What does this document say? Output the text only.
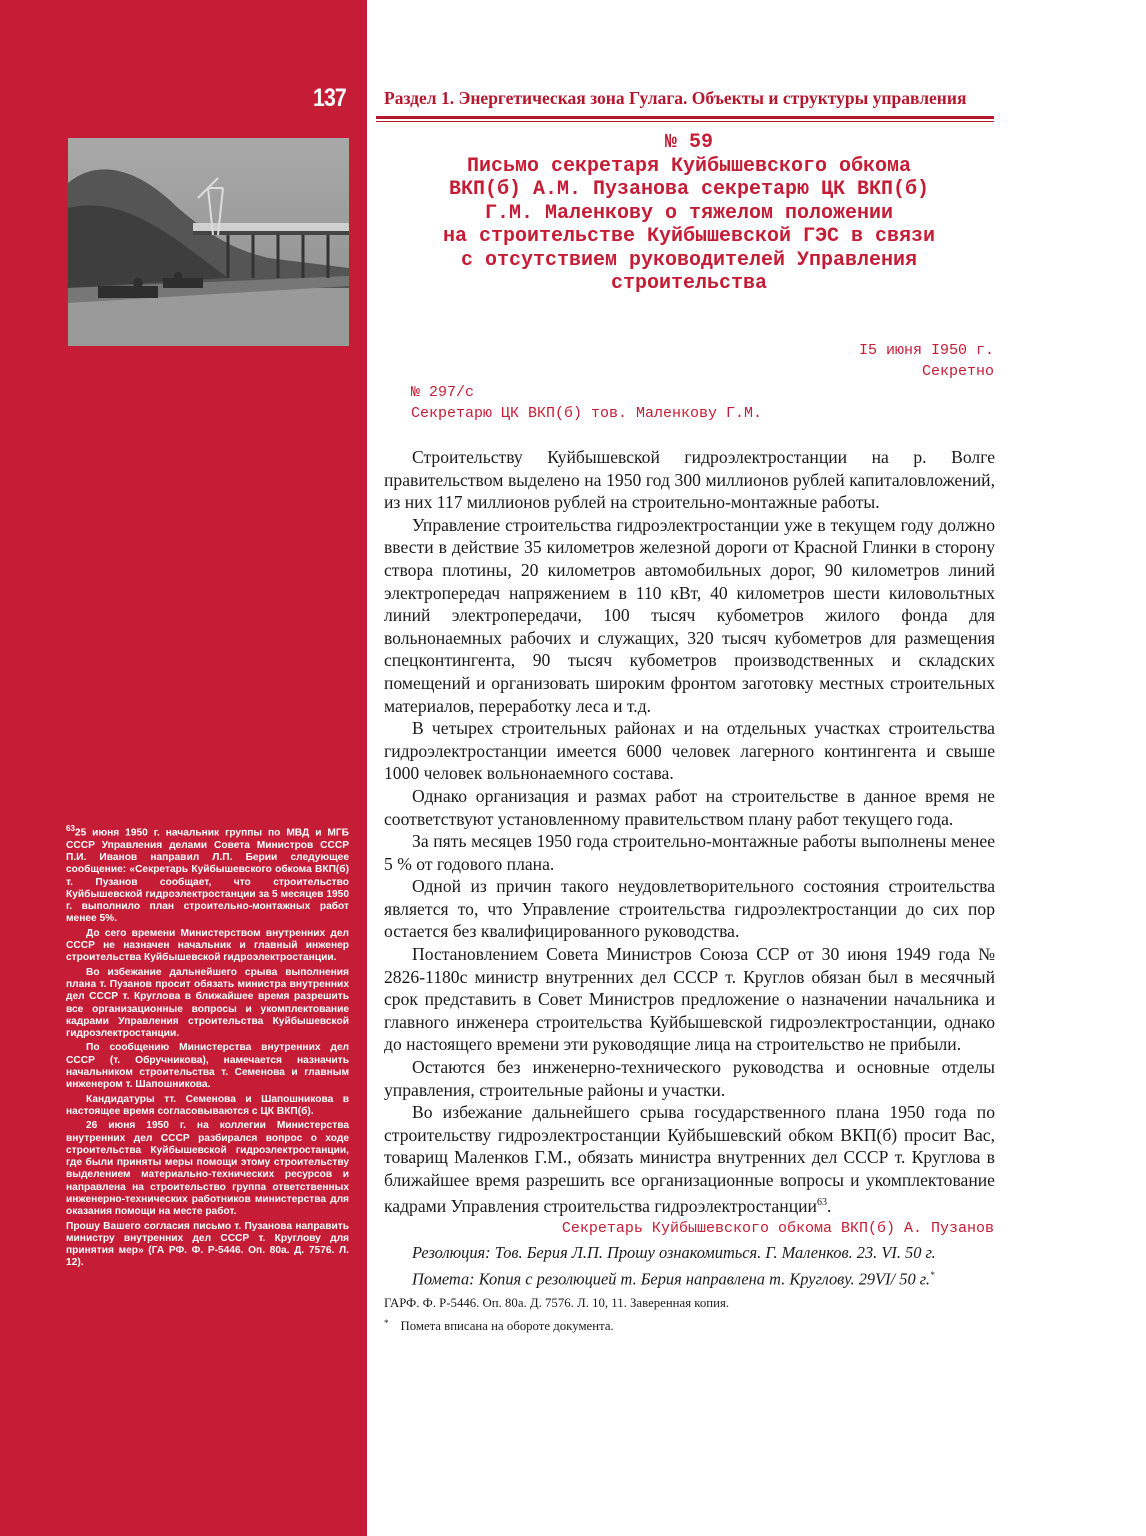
137

$^{63}$25 июня 1950 г. начальник группы по МВД и МГБ СССР Управления делами Совета Министров СССР П.И. Иванов направил Л.П. Берии следующее сообщение: «Секретарь Куйбышевского обкома ВКП(б) т. Пузанов сообщает, что строительство Куйбышевской гидроэлектростанции за 5 месяцев 1950 г. выполнило план строительно-монтажных работ менее 5%.

До сего времени Министерством внутренних дел СССР не назначен начальник и главный инженер строительства Куйбышевской гидроэлектростанции.

Во избежание дальнейшего срыва выполнения плана т. Пузанов просит обязать министра внутренних дел СССР т. Круглова в ближайшее время разрешить все организационные вопросы и укомплектование кадрами Управления строительства Куйбышевской гидроэлектростанции.

По сообщению Министерства внутренних дел СССР (т. Обручникова), намечается назначить начальником строительства т. Семенова и главным инженером т. Шапошникова.

Кандидатуры тт. Семенова и Шапошникова в настоящее время согласовываются с ЦК ВКП(б).

26 июня 1950 г. на коллегии Министерства внутренних дел СССР разбирался вопрос о ходе строительства Куйбышевской гидроэлектростанции, где были приняты меры помощи этому строительству выделением материально-технических ресурсов и направлена на строительство группа ответственных инженерно-технических работников министерства для оказания помощи на месте работ.

Прошу Вашего согласия письмо т. Пузанова направить министру внутренних дел СССР т. Круглову для принятия мер» (ГА РФ. Ф. Р-5446. Оп. 80а. Д. 7576. Л. 12).

Раздел 1. Энергетическая зона Гулага. Объекты и структуры управления
№ 59
Письмо секретаря Куйбышевского обкома
ВКП(б) А.М. Пузанова секретарю ЦК ВКП(б)
Г.М. Маленкову о тяжелом положении
на строительстве Куйбышевской ГЭС в связи
с отсутствием руководителей Управления
строительства
I5 июня I950 г.
Секретно
№ 297/с
Секретарю ЦК ВКП(б) тов. Маленкову Г.М.

Строительству Куйбышевской гидроэлектростанции на р. Волге правительством выделено на 1950 год 300 миллионов рублей капиталовложений, из них 117 миллионов рублей на строительно-монтажные работы.

Управление строительства гидроэлектростанции уже в текущем году должно ввести в действие 35 километров железной дороги от Красной Глинки в сторону створа плотины, 20 километров автомобильных дорог, 90 километров линий электропередач напряжением в 110 кВт, 40 километров шести киловольтных линий электропередачи, 100 тысяч кубометров жилого фонда для вольнонаемных рабочих и служащих, 320 тысяч кубометров для размещения спецконтингента, 90 тысяч кубометров производственных и складских помещений и организовать широким фронтом заготовку местных строительных материалов, переработку леса и т.д.

В четырех строительных районах и на отдельных участках строительства гидроэлектростанции имеется 6000 человек лагерного контингента и свыше 1000 человек вольнонаемного состава.

Однако организация и размах работ на строительстве в данное время не соответствуют установленному правительством плану работ текущего года.

За пять месяцев 1950 года строительно-монтажные работы выполнены менее 5 % от годового плана.

Одной из причин такого неудовлетворительного состояния строительства является то, что Управление строительства гидроэлектростанции до сих пор остается без квалифицированного руководства.

Постановлением Совета Министров Союза ССР от 30 июня 1949 года № 2826-1180с министр внутренних дел СССР т. Круглов обязан был в месячный срок представить в Совет Министров предложение о назначении начальника и главного инженера строительства Куйбышевской гидроэлектростанции, однако до настоящего времени эти руководящие лица на строительство не прибыли.

Остаются без инженерно-технического руководства и основные отделы управления, строительные районы и участки.

Во избежание дальнейшего срыва государственного плана 1950 года по строительству гидроэлектростанции Куйбышевский обком ВКП(б) просит Вас, товарищ Маленков Г.М., обязать министра внутренних дел СССР т. Круглова в ближайшее время разрешить все организационные вопросы и укомплектование кадрами Управления строительства гидроэлектростанции$^{63}$.

Секретарь Куйбышевского обкома ВКП(б) А. Пузанов
Резолюция: Тов. Берия Л.П. Прошу ознакомиться. Г. Маленков. 23. VI. 50 г.
Помета: Копия с резолюцией т. Берия направлена т. Круглову. 29VI/ 50 г.*
ГАРФ. Ф. Р-5446. Оп. 80а. Д. 7576. Л. 10, 11. Заверенная копия.
* Пометa вписана на обороте документа.
